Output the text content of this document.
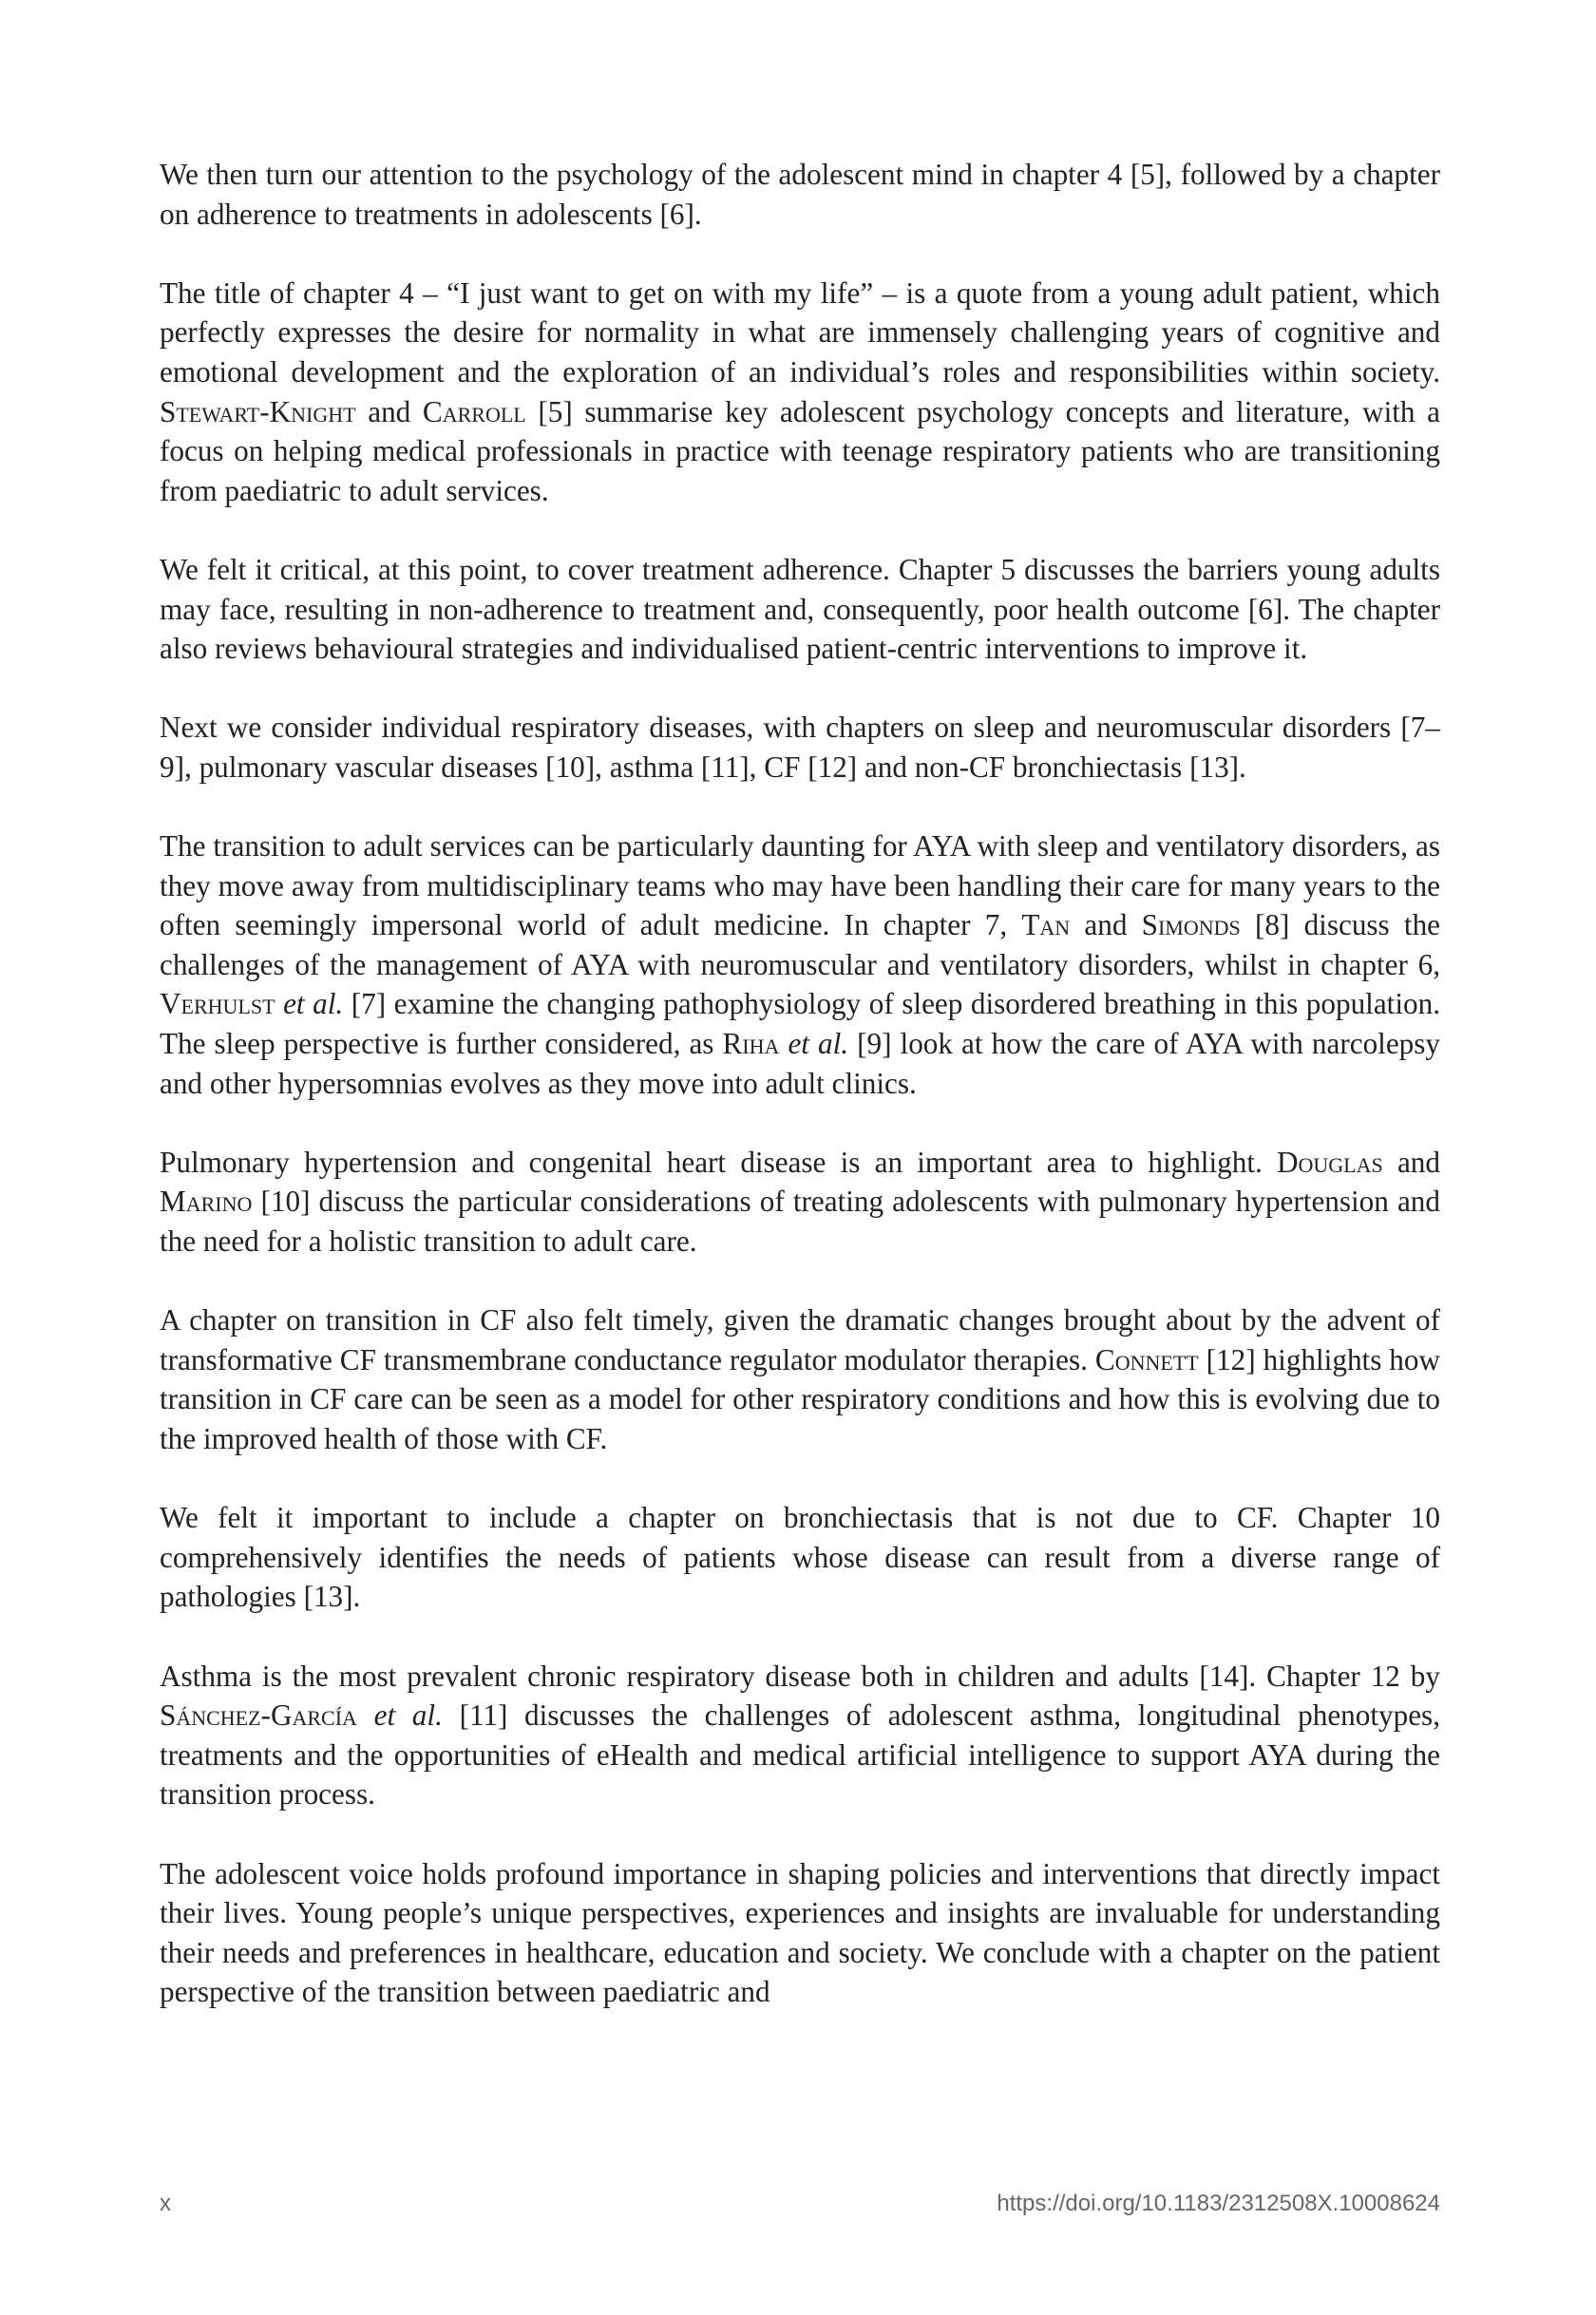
We then turn our attention to the psychology of the adolescent mind in chapter 4 [5], followed by a chapter on adherence to treatments in adolescents [6].

The title of chapter 4 – “I just want to get on with my life” – is a quote from a young adult patient, which perfectly expresses the desire for normality in what are immensely challenging years of cognitive and emotional development and the exploration of an individual’s roles and responsibilities within society. Stewart-Knight and Carroll [5] summarise key adolescent psychology concepts and literature, with a focus on helping medical professionals in practice with teenage respiratory patients who are transitioning from paediatric to adult services.

We felt it critical, at this point, to cover treatment adherence. Chapter 5 discusses the barriers young adults may face, resulting in non-adherence to treatment and, consequently, poor health outcome [6]. The chapter also reviews behavioural strategies and individualised patient-centric interventions to improve it.

Next we consider individual respiratory diseases, with chapters on sleep and neuromuscular disorders [7–9], pulmonary vascular diseases [10], asthma [11], CF [12] and non-CF bronchiectasis [13].

The transition to adult services can be particularly daunting for AYA with sleep and ventilatory disorders, as they move away from multidisciplinary teams who may have been handling their care for many years to the often seemingly impersonal world of adult medicine. In chapter 7, Tan and Simonds [8] discuss the challenges of the management of AYA with neuromuscular and ventilatory disorders, whilst in chapter 6, Verhulst et al. [7] examine the changing pathophysiology of sleep disordered breathing in this population. The sleep perspective is further considered, as Riha et al. [9] look at how the care of AYA with narcolepsy and other hypersomnias evolves as they move into adult clinics.

Pulmonary hypertension and congenital heart disease is an important area to highlight. Douglas and Marino [10] discuss the particular considerations of treating adolescents with pulmonary hypertension and the need for a holistic transition to adult care.

A chapter on transition in CF also felt timely, given the dramatic changes brought about by the advent of transformative CF transmembrane conductance regulator modulator therapies. Connett [12] highlights how transition in CF care can be seen as a model for other respiratory conditions and how this is evolving due to the improved health of those with CF.

We felt it important to include a chapter on bronchiectasis that is not due to CF. Chapter 10 comprehensively identifies the needs of patients whose disease can result from a diverse range of pathologies [13].

Asthma is the most prevalent chronic respiratory disease both in children and adults [14]. Chapter 12 by Sánchez-García et al. [11] discusses the challenges of adolescent asthma, longitudinal phenotypes, treatments and the opportunities of eHealth and medical artificial intelligence to support AYA during the transition process.

The adolescent voice holds profound importance in shaping policies and interventions that directly impact their lives. Young people’s unique perspectives, experiences and insights are invaluable for understanding their needs and preferences in healthcare, education and society. We conclude with a chapter on the patient perspective of the transition between paediatric and

x	https://doi.org/10.1183/2312508X.10008624
